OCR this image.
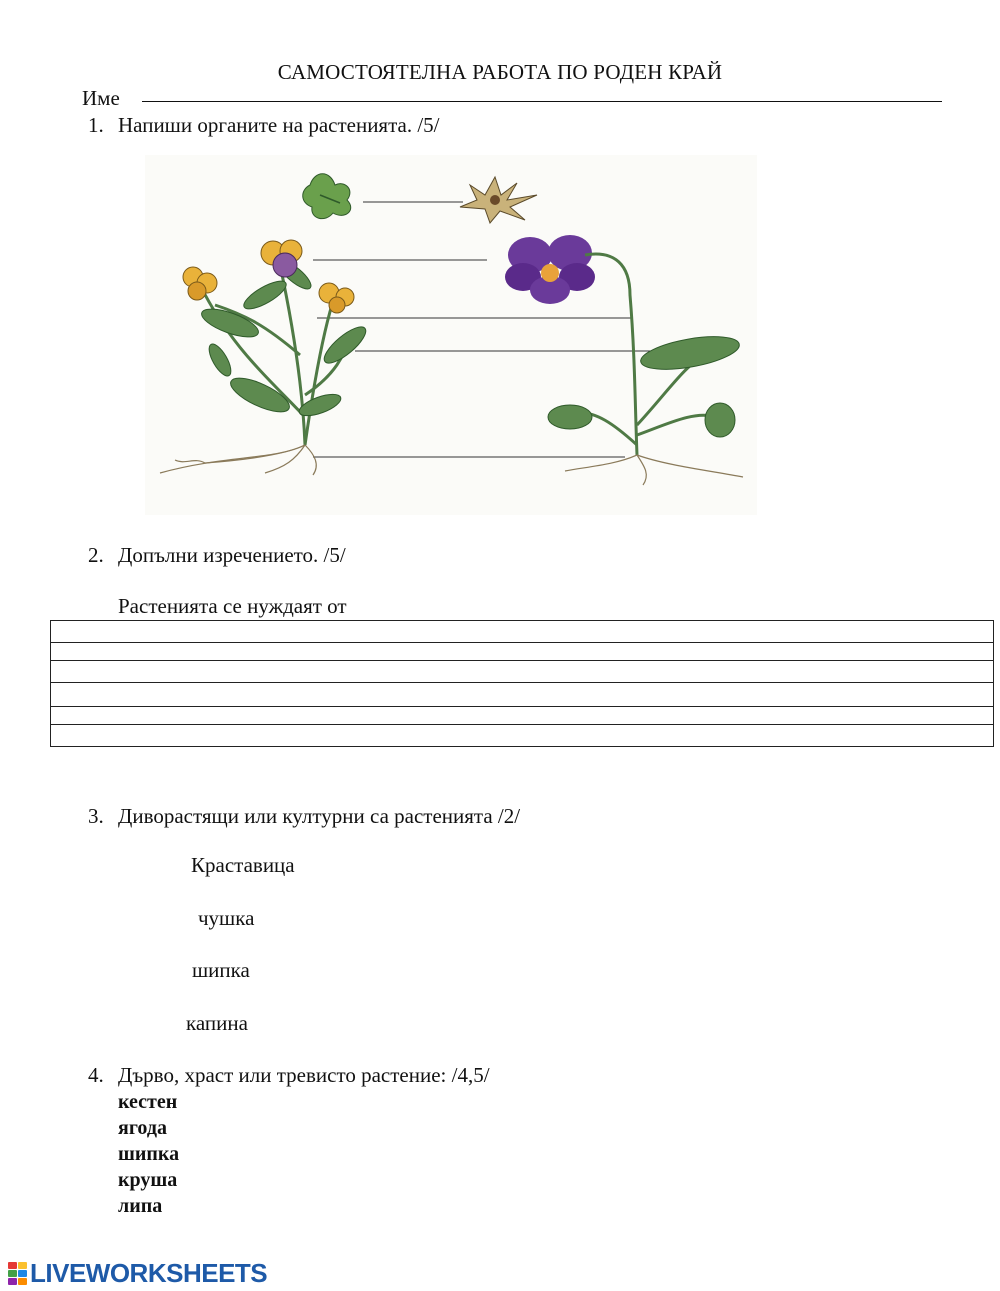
САМОСТОЯТЕЛНА РАБОТА ПО РОДЕН КРАЙ
Име
1. Напиши органите на растенията. /5/
2. Допълни изречението. /5/
Растенията се нуждаят от

3. Диворастящи или културни са растенията /2/
Краставица
чушка
шипка
капина
4. Дърво, храст или тревисто растение: /4,5/
кестен
ягода
шипка
круша
липа
LIVEWORKSHEETS
